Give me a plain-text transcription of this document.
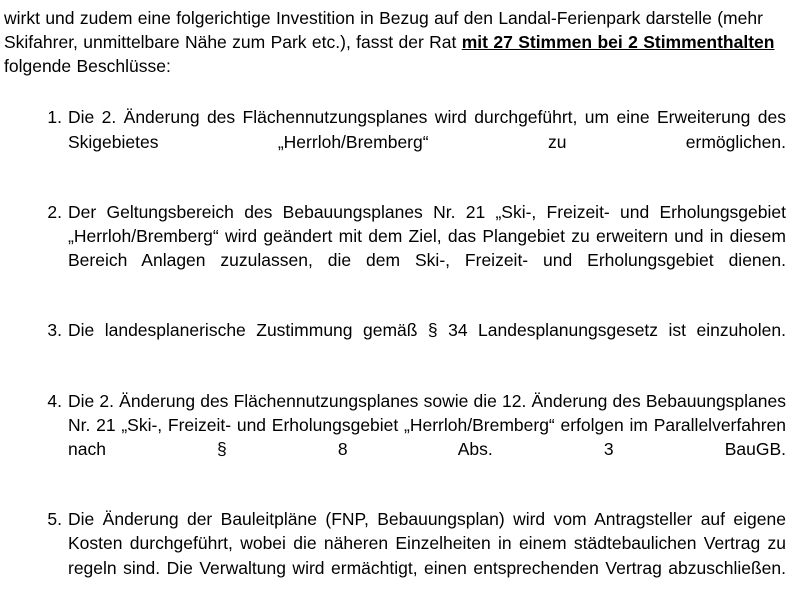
wirkt und zudem eine folgerichtige Investition in Bezug auf den Landal-Ferienpark darstelle (mehr Skifahrer, unmittelbare Nähe zum Park etc.), fasst der Rat mit 27 Stimmen bei 2 Stimmenthalten folgende Beschlüsse:

1. Die 2. Änderung des Flächennutzungsplanes wird durchgeführt, um eine Erweiterung des Skigebietes „Herrloh/Bremberg“ zu ermöglichen.
2. Der Geltungsbereich des Bebauungsplanes Nr. 21 „Ski-, Freizeit- und Erholungsgebiet „Herrloh/Bremberg“ wird geändert mit dem Ziel, das Plangebiet zu erweitern und in diesem Bereich Anlagen zuzulassen, die dem Ski-, Freizeit- und Erholungsgebiet dienen.
3. Die landesplanerische Zustimmung gemäß § 34 Landesplanungsgesetz ist einzuholen.
4. Die 2. Änderung des Flächennutzungsplanes sowie die 12. Änderung des Bebauungsplanes Nr. 21 „Ski-, Freizeit- und Erholungsgebiet „Herrloh/Bremberg“ erfolgen im Parallelverfahren nach § 8 Abs. 3 BauGB.
5. Die Änderung der Bauleitpläne (FNP, Bebauungsplan) wird vom Antragsteller auf eigene Kosten durchgeführt, wobei die näheren Einzelheiten in einem städtebaulichen Vertrag zu regeln sind. Die Verwaltung wird ermächtigt, einen entsprechenden Vertrag abzuschließen.
